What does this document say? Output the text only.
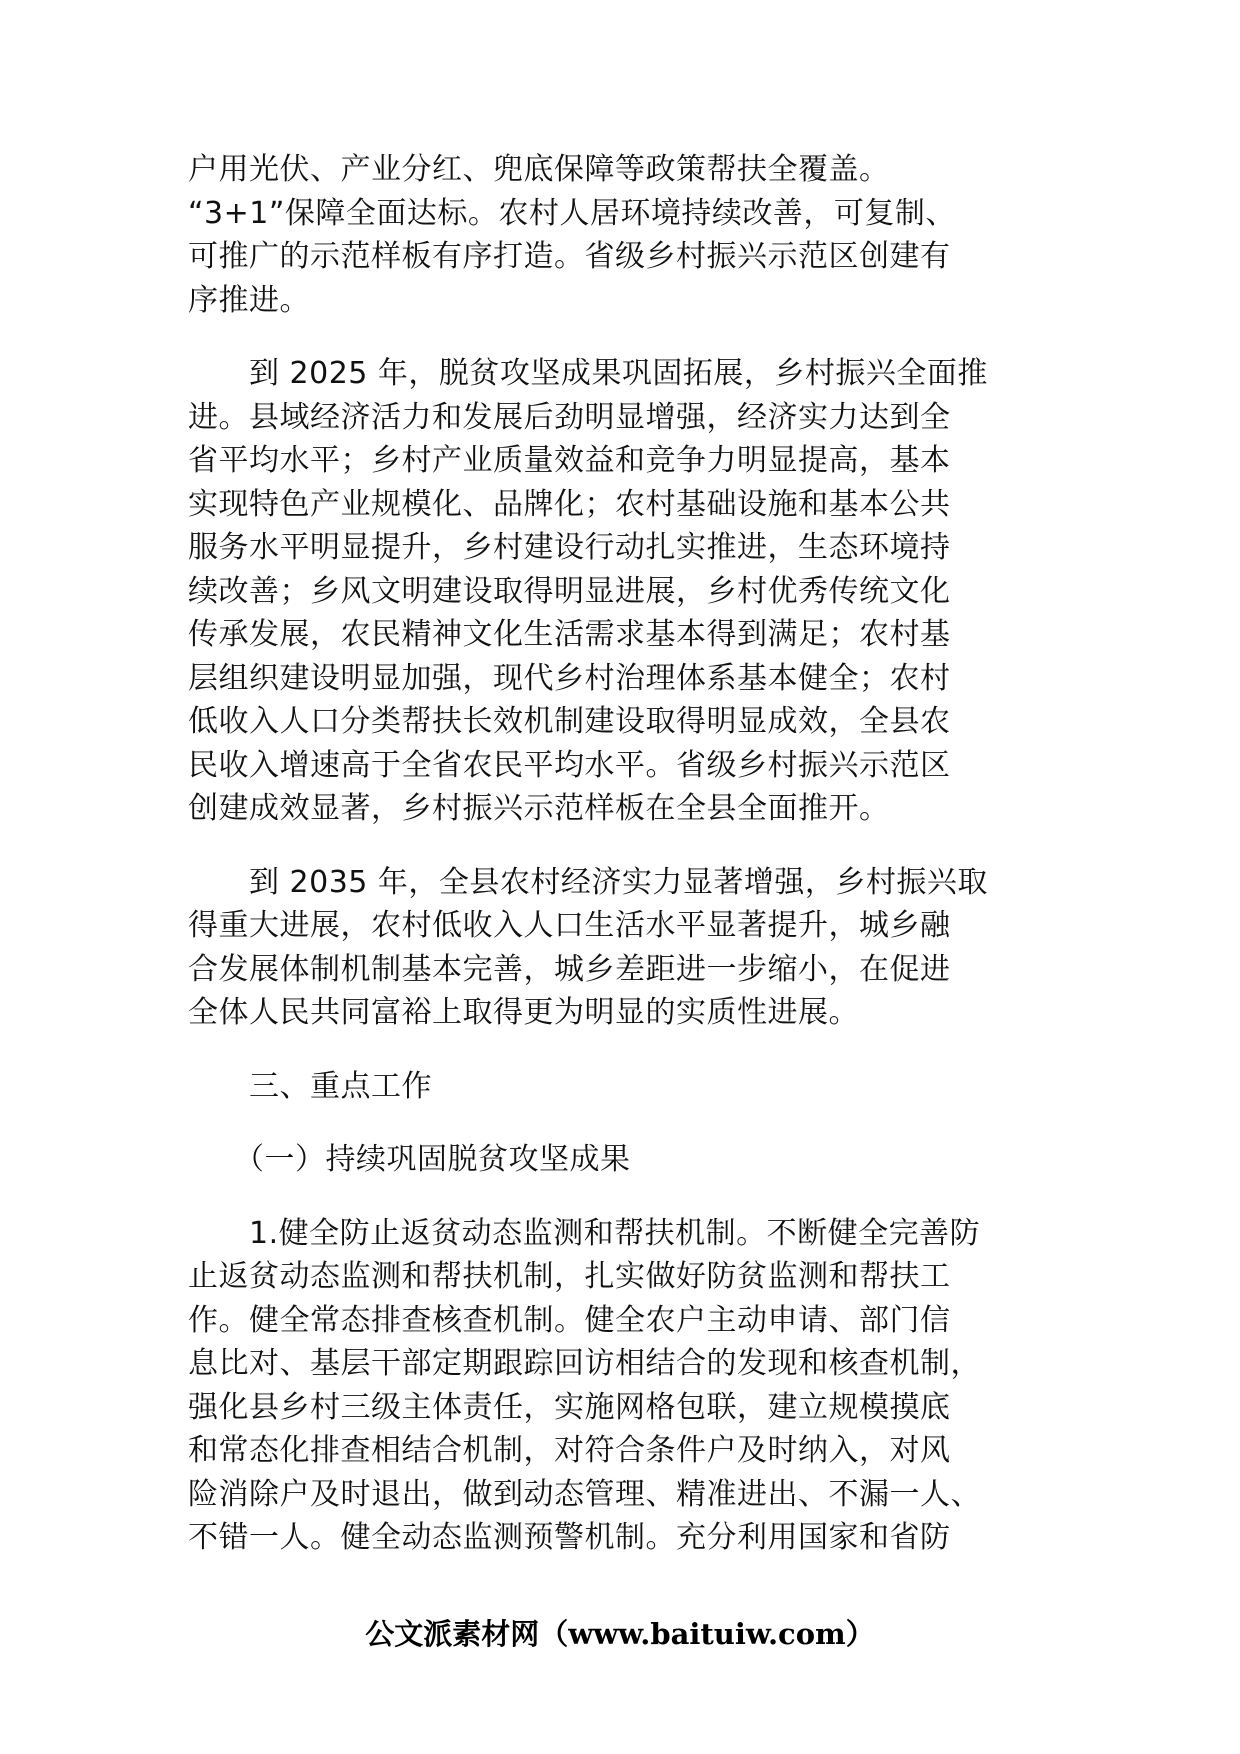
户用光伏、产业分红、兜底保障等政策帮扶全覆盖。
“3+1”保障全面达标。农村人居环境持续改善，可复制、
可推广的示范样板有序打造。省级乡村振兴示范区创建有
序推进。
　　到 2025 年，脱贫攻坚成果巩固拓展，乡村振兴全面推
进。县域经济活力和发展后劲明显增强，经济实力达到全
省平均水平；乡村产业质量效益和竞争力明显提高，基本
实现特色产业规模化、品牌化；农村基础设施和基本公共
服务水平明显提升，乡村建设行动扎实推进，生态环境持
续改善；乡风文明建设取得明显进展，乡村优秀传统文化
传承发展，农民精神文化生活需求基本得到满足；农村基
层组织建设明显加强，现代乡村治理体系基本健全；农村
低收入人口分类帮扶长效机制建设取得明显成效，全县农
民收入增速高于全省农民平均水平。省级乡村振兴示范区
创建成效显著，乡村振兴示范样板在全县全面推开。
　　到 2035 年，全县农村经济实力显著增强，乡村振兴取
得重大进展，农村低收入人口生活水平显著提升，城乡融
合发展体制机制基本完善，城乡差距进一步缩小，在促进
全体人民共同富裕上取得更为明显的实质性进展。
　　三、重点工作
　　（一）持续巩固脱贫攻坚成果
　　1.健全防止返贫动态监测和帮扶机制。不断健全完善防
止返贫动态监测和帮扶机制，扎实做好防贫监测和帮扶工
作。健全常态排查核查机制。健全农户主动申请、部门信
息比对、基层干部定期跟踪回访相结合的发现和核查机制，
强化县乡村三级主体责任，实施网格包联，建立规模摸底
和常态化排查相结合机制，对符合条件户及时纳入，对风
险消除户及时退出，做到动态管理、精准进出、不漏一人、
不错一人。健全动态监测预警机制。充分利用国家和省防
公文派素材网（www.baituiw.com）
